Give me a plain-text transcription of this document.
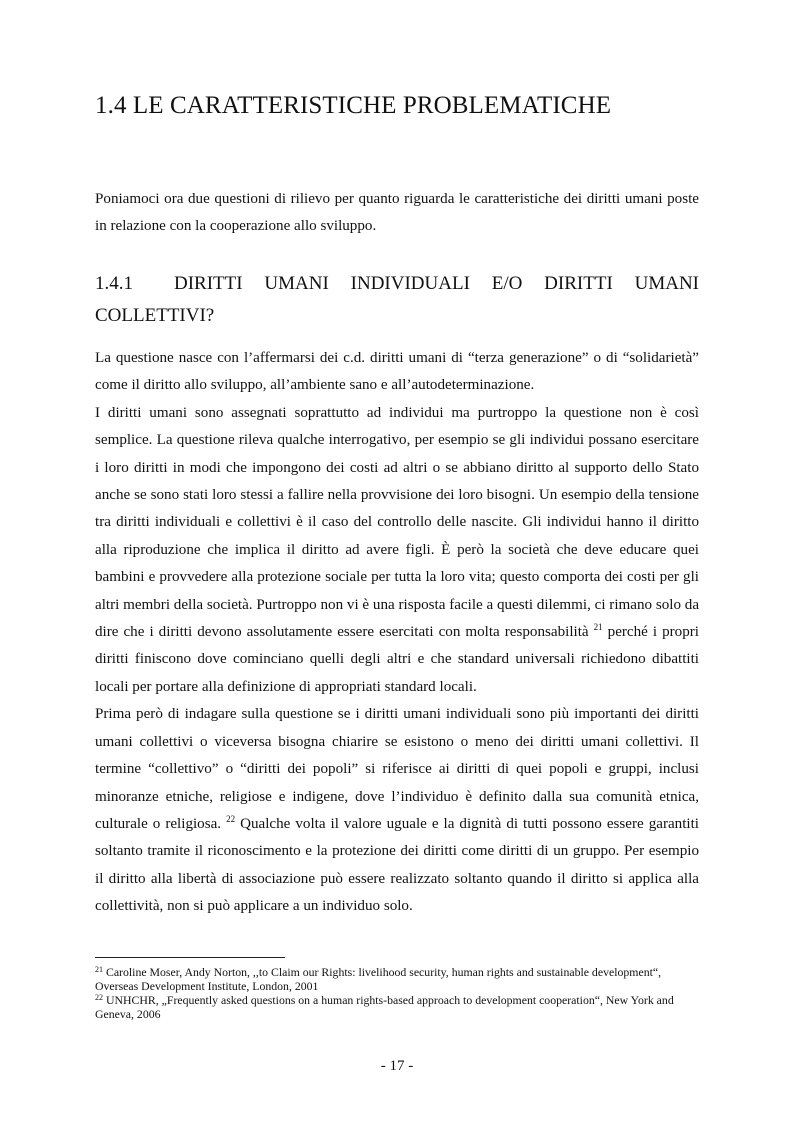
1.4 LE CARATTERISTICHE PROBLEMATICHE

Poniamoci ora due questioni di rilievo per quanto riguarda le caratteristiche dei diritti umani poste in relazione con la cooperazione allo sviluppo.

1.4.1 DIRITTI UMANI INDIVIDUALI E/O DIRITTI UMANI COLLETTIVI?

La questione nasce con l’affermarsi dei c.d. diritti umani di “terza generazione” o di “solidarietà” come il diritto allo sviluppo, all’ambiente sano e all’autodeterminazione.

I diritti umani sono assegnati soprattutto ad individui ma purtroppo la questione non è così semplice. La questione rileva qualche interrogativo, per esempio se gli individui possano esercitare i loro diritti in modi che impongono dei costi ad altri o se abbiano diritto al supporto dello Stato anche se sono stati loro stessi a fallire nella provvisione dei loro bisogni. Un esempio della tensione tra diritti individuali e collettivi è il caso del controllo delle nascite. Gli individui hanno il diritto alla riproduzione che implica il diritto ad avere figli. È però la società che deve educare quei bambini e provvedere alla protezione sociale per tutta la loro vita; questo comporta dei costi per gli altri membri della società. Purtroppo non vi è una risposta facile a questi dilemmi, ci rimano solo da dire che i diritti devono assolutamente essere esercitati con molta responsabilità $^{21}$ perché i propri diritti finiscono dove cominciano quelli degli altri e che standard universali richiedono dibattiti locali per portare alla definizione di appropriati standard locali.

Prima però di indagare sulla questione se i diritti umani individuali sono più importanti dei diritti umani collettivi o viceversa bisogna chiarire se esistono o meno dei diritti umani collettivi. Il termine “collettivo” o “diritti dei popoli” si riferisce ai diritti di quei popoli e gruppi, inclusi minoranze etniche, religiose e indigene, dove l’individuo è definito dalla sua comunità etnica, culturale o religiosa. $^{22}$ Qualche volta il valore uguale e la dignità di tutti possono essere garantiti soltanto tramite il riconoscimento e la protezione dei diritti come diritti di un gruppo. Per esempio il diritto alla libertà di associazione può essere realizzato soltanto quando il diritto si applica alla collettività, non si può applicare a un individuo solo.

$^{21}$ Caroline Moser, Andy Norton, ,,to Claim our Rights: livelihood security, human rights and sustainable development“, Overseas Development Institute, London, 2001
$^{22}$ UNHCHR, „Frequently asked questions on a human rights-based approach to development cooperation“, New York and Geneva, 2006
- 17 -
